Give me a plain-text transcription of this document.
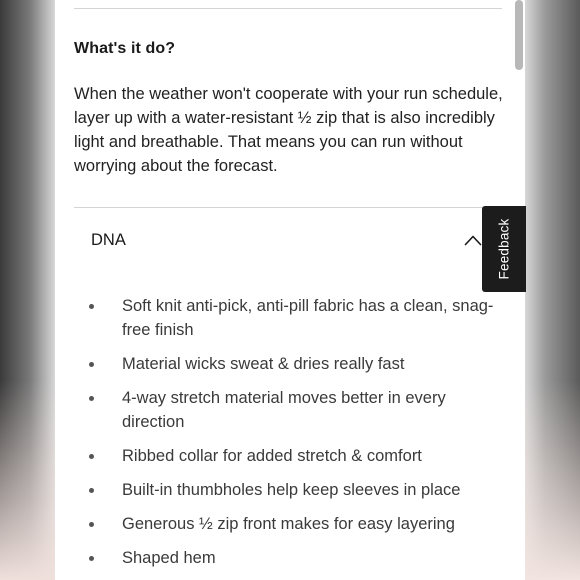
What's it do?
When the weather won't cooperate with your run schedule, layer up with a water-resistant ½ zip that is also incredibly light and breathable. That means you can run without worrying about the forecast.
DNA
Soft knit anti-pick, anti-pill fabric has a clean, snag-free finish
Material wicks sweat & dries really fast
4-way stretch material moves better in every direction
Ribbed collar for added stretch & comfort
Built-in thumbholes help keep sleeves in place
Generous ½ zip front makes for easy layering
Shaped hem
Feedback
